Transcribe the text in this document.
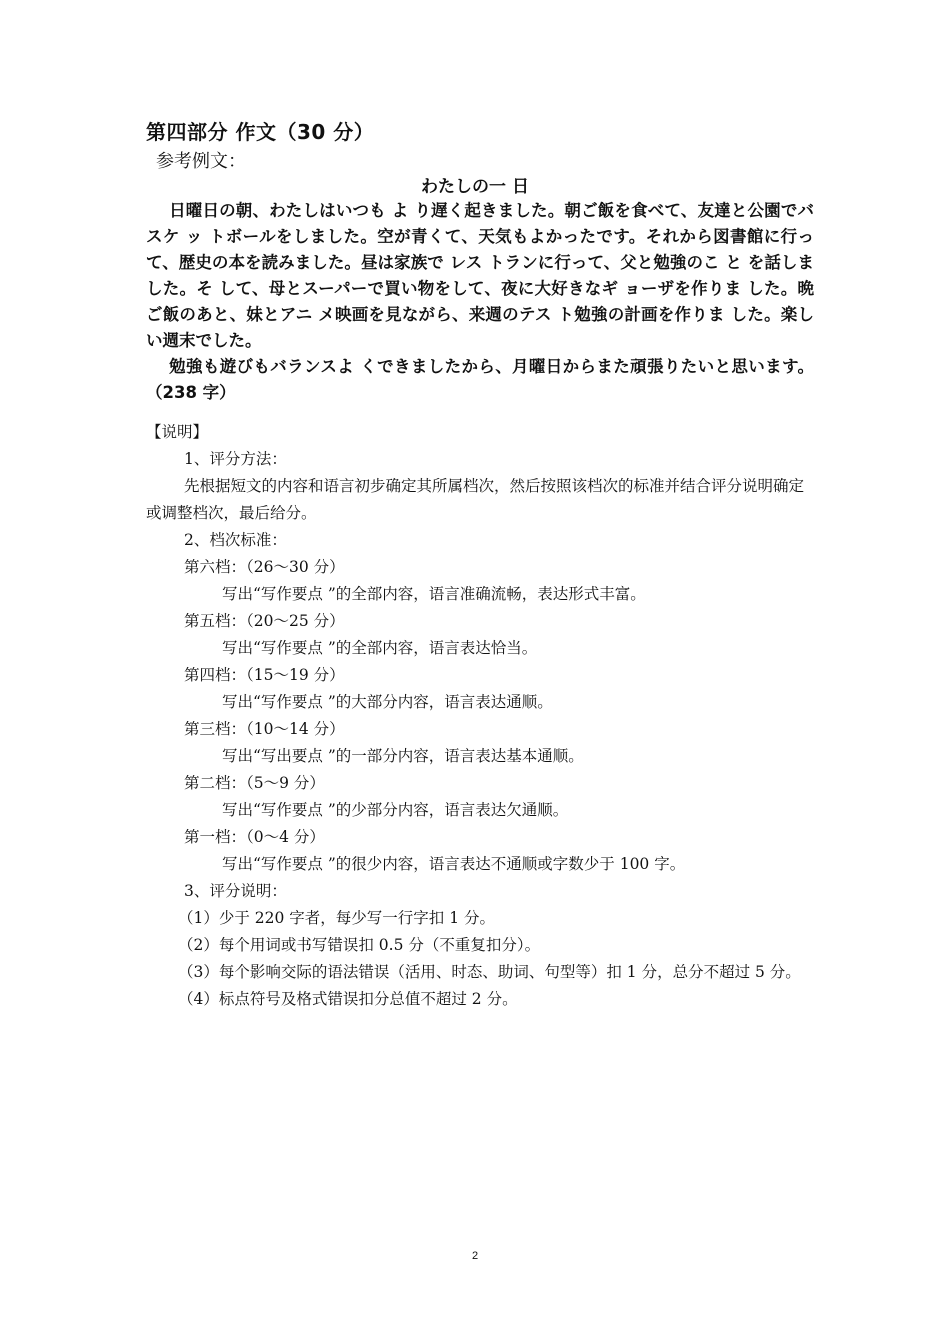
第四部分 作文（30 分）
参考例文：
わたしの一 日

日曜日の朝、わたしはいつも よ り遅く起きました。朝ご飯を食べて、友達と公園でバスケ ッ トボールをしました。空が青くて、天気もよかったです。それから図書館に行って、歴史の本を読みました。昼は家族で レス トランに行って、父と勉強のこ と を話しました。そ して、母とスーパーで買い物をして、夜に大好きなギ ョーザを作りま した。晩ご飯のあと、妹とアニ メ映画を見ながら、来週のテス ト勉強の計画を作りま した。楽しい週末でした。

勉強も遊びもバランスよ くできましたから、月曜日からまた頑張りたいと思います。（238 字）

【说明】
1、评分方法：
先根据短文的内容和语言初步确定其所属档次，然后按照该档次的标准并结合评分说明确定或调整档次，最后给分。
2、档次标准：
第六档：（26～30 分）
写出“写作要点 ”的全部内容，语言准确流畅，表达形式丰富。
第五档：（20～25 分）
写出“写作要点 ”的全部内容，语言表达恰当。
第四档：（15～19 分）
写出“写作要点 ”的大部分内容，语言表达通顺。
第三档：（10～14 分）
写出“写出要点 ”的一部分内容，语言表达基本通顺。
第二档：（5～9 分）
写出“写作要点 ”的少部分内容，语言表达欠通顺。
第一档：（0～4 分）
写出“写作要点 ”的很少内容，语言表达不通顺或字数少于 100 字。
3、评分说明：
（1）少于 220 字者，每少写一行字扣 1 分。
（2）每个用词或书写错误扣 0.5 分（不重复扣分）。
（3）每个影响交际的语法错误（活用、时态、助词、句型等）扣 1 分，总分不超过 5 分。
（4）标点符号及格式错误扣分总值不超过 2 分。
2
